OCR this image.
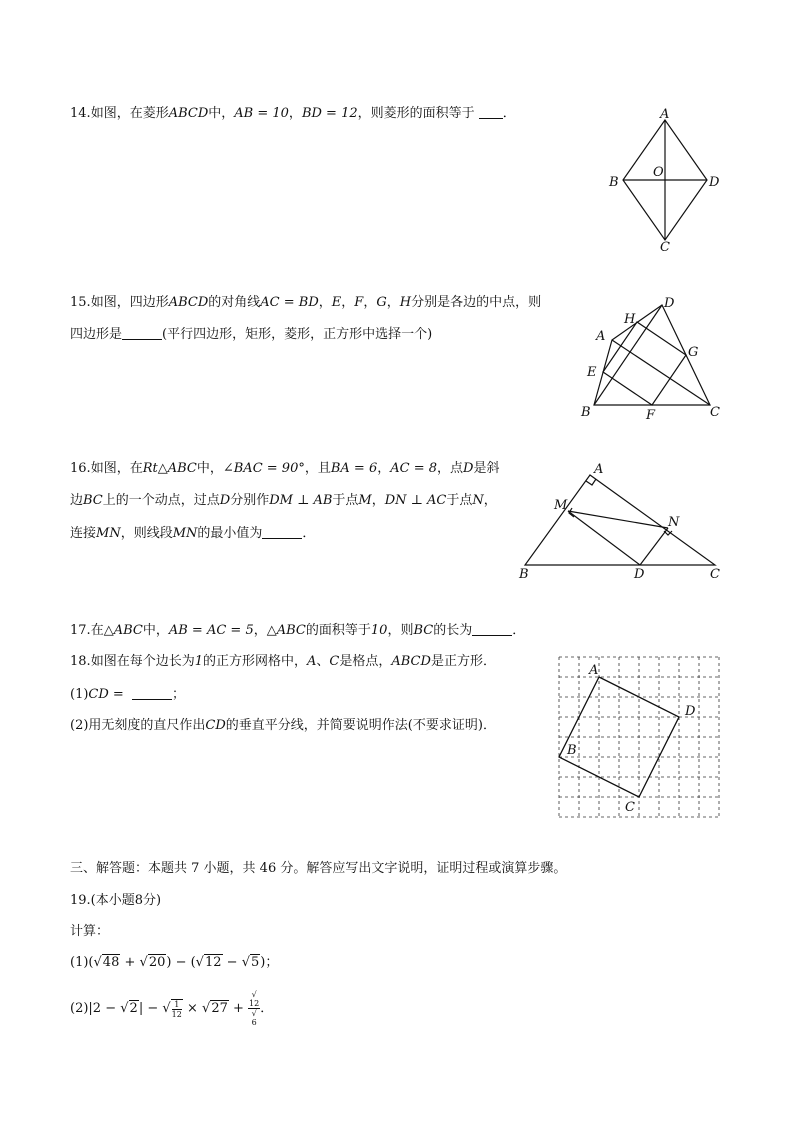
14.如图，在菱形ABCD中，AB = 10，BD = 12，则菱形的面积等于 ．	A
B
C
D
O
15.如图，四边形ABCD的对角线AC = BD，E，F，G，H分别是各边的中点，则
四边形是	(平行四边形，矩形，菱形，正方形中选择一个)	A
B	C
D
E
F
G
H
16.如图，在Rt△ABC中，∠BAC = 90°，且BA = 6，AC = 8，点D是斜
边BC上的一个动点，过点D分别作DM ⊥ AB于点M，DN ⊥ AC于点N，
连接MN，则线段MN的最小值为	．
A
B	C
D
M
N
17.在△ABC中，AB = AC = 5，△ABC的面积等于10，则BC的长为	．
18.如图在每个边长为1的正方形网格中，A、C是格点，ABCD是正方形．
(1)CD =	；
(2)用无刻度的直尺作出CD的垂直平分线，并简要说明作法(不要求证明)．
A
B
C
D
三、解答题：本题共 7 小题，共 46 分。解答应写出文字说明，证明过程或演算步骤。
19.(本小题8分)
计算：
(1)(√48 + √20) − (√12 − √5)；
(2)|2 − √2| − √ $\frac{1}{12} \times √27$ + √
12
√
6 ．
